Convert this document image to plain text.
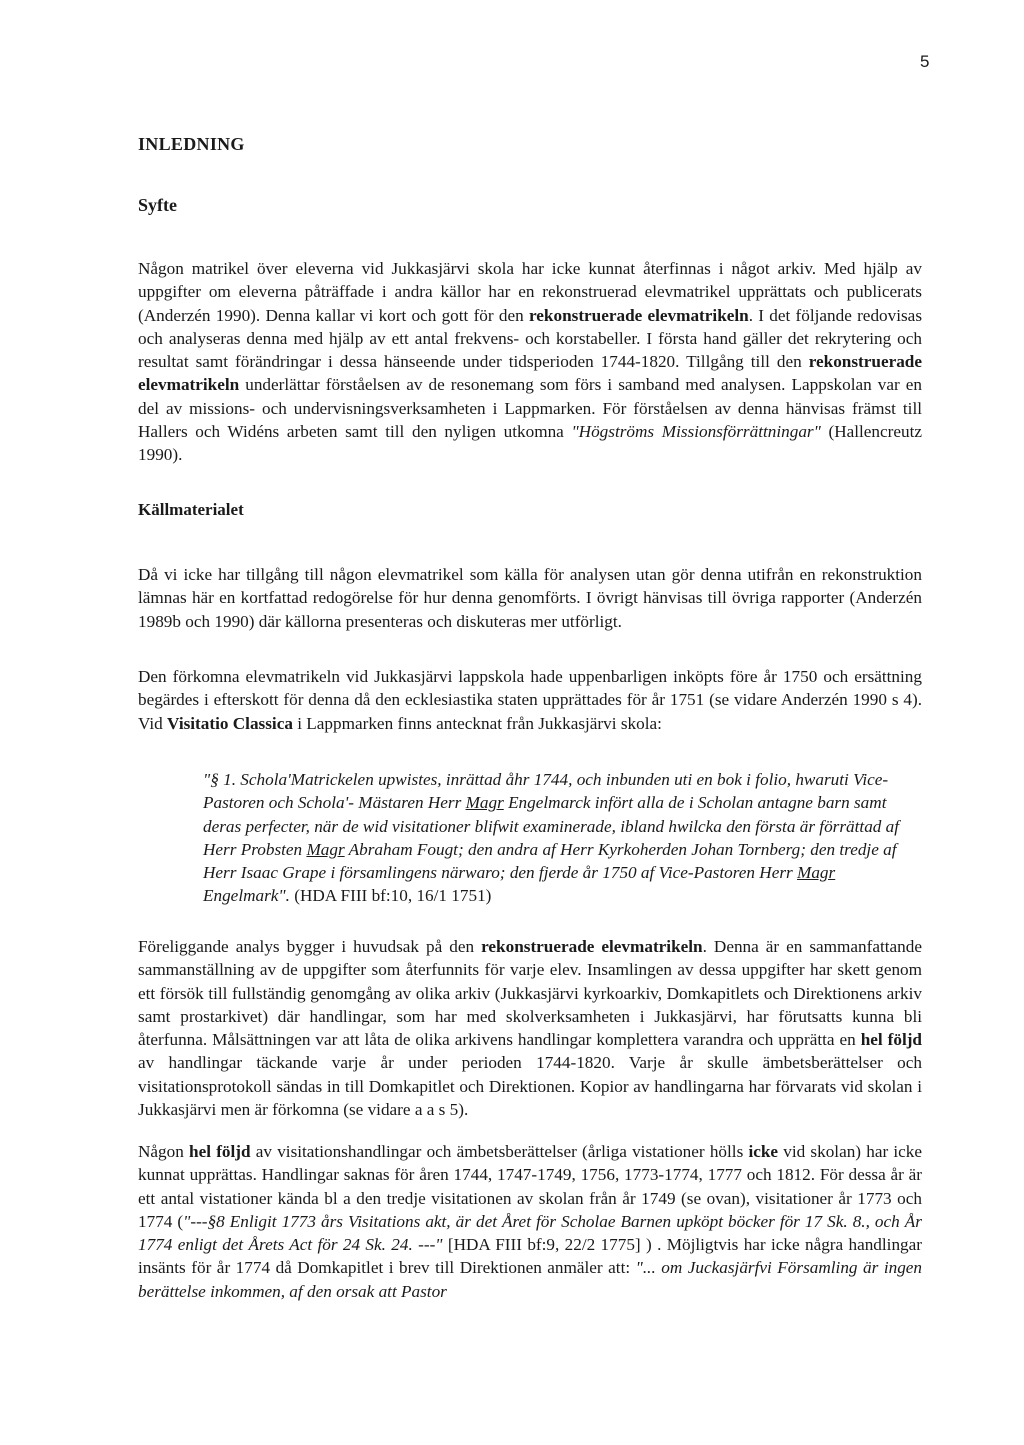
5
INLEDNING
Syfte

Någon matrikel över eleverna vid Jukkasjärvi skola har icke kunnat återfinnas i något arkiv. Med hjälp av uppgifter om eleverna påträffade i andra källor har en rekonstruerad elevmatrikel upprättats och publicerats (Anderzén 1990). Denna kallar vi kort och gott för den rekonstruerade elevmatrikeln. I det följande redovisas och analyseras denna med hjälp av ett antal frekvens- och korstabeller. I första hand gäller det rekrytering och resultat samt förändringar i dessa hänseende under tidsperioden 1744-1820. Tillgång till den rekonstruerade elevmatrikeln underlättar förståelsen av de resonemang som förs i samband med analysen. Lappskolan var en del av missions- och undervisningsverksamheten i Lappmarken. För förståelsen av denna hänvisas främst till Hallers och Widéns arbeten samt till den nyligen utkomna "Högströms Missionsförrättningar" (Hallencreutz 1990).

Källmaterialet

Då vi icke har tillgång till någon elevmatrikel som källa för analysen utan gör denna utifrån en rekonstruktion lämnas här en kortfattad redogörelse för hur denna genomförts. I övrigt hänvisas till övriga rapporter (Anderzén 1989b och 1990) där källorna presenteras och diskuteras mer utförligt.

Den förkomna elevmatrikeln vid Jukkasjärvi lappskola hade uppenbarligen inköpts före år 1750 och ersättning begärdes i efterskott för denna då den ecklesiastika staten upprättades för år 1751 (se vidare Anderzén 1990 s 4). Vid Visitatio Classica i Lappmarken finns antecknat från Jukkasjärvi skola:

"§ 1. Schola'Matrickelen upwistes, inrättad åhr 1744, och inbunden uti en bok i folio, hwaruti Vice-Pastoren och Schola'- Mästaren Herr Magr Engelmarck infört alla de i Scholan antagne barn samt deras perfecter, när de wid visitationer blifwit examinerade, ibland hwilcka den första är förrättad af Herr Probsten Magr Abraham Fougt; den andra af Herr Kyrkoherden Johan Tornberg; den tredje af Herr Isaac Grape i församlingens närwaro; den fjerde år 1750 af Vice-Pastoren Herr Magr Engelmark". (HDA FIII bf:10, 16/1 1751)

Föreliggande analys bygger i huvudsak på den rekonstruerade elevmatrikeln. Denna är en sammanfattande sammanställning av de uppgifter som återfunnits för varje elev. Insamlingen av dessa uppgifter har skett genom ett försök till fullständig genomgång av olika arkiv (Jukkasjärvi kyrkoarkiv, Domkapitlets och Direktionens arkiv samt prostarkivet) där handlingar, som har med skolverksamheten i Jukkasjärvi, har förutsatts kunna bli återfunna. Målsättningen var att låta de olika arkivens handlingar komplettera varandra och upprätta en hel följd av handlingar täckande varje år under perioden 1744-1820. Varje år skulle ämbetsberättelser och visitationsprotokoll sändas in till Domkapitlet och Direktionen. Kopior av handlingarna har förvarats vid skolan i Jukkasjärvi men är förkomna (se vidare a a s 5).

Någon hel följd av visitationshandlingar och ämbetsberättelser (årliga vistationer hölls icke vid skolan) har icke kunnat upprättas. Handlingar saknas för åren 1744, 1747-1749, 1756, 1773-1774, 1777 och 1812. För dessa år är ett antal vistationer kända bl a den tredje visitationen av skolan från år 1749 (se ovan), visitationer år 1773 och 1774 ("---§8 Enligit 1773 års Visitations akt, är det Året för Scholae Barnen upköpt böcker för 17 Sk. 8., och År 1774 enligt det Årets Act för 24 Sk. 24. ---" [HDA FIII bf:9, 22/2 1775] ) . Möjligtvis har icke några handlingar insänts för år 1774 då Domkapitlet i brev till Direktionen anmäler att: "... om Juckasjärfvi Församling är ingen berättelse inkommen, af den orsak att Pastor
